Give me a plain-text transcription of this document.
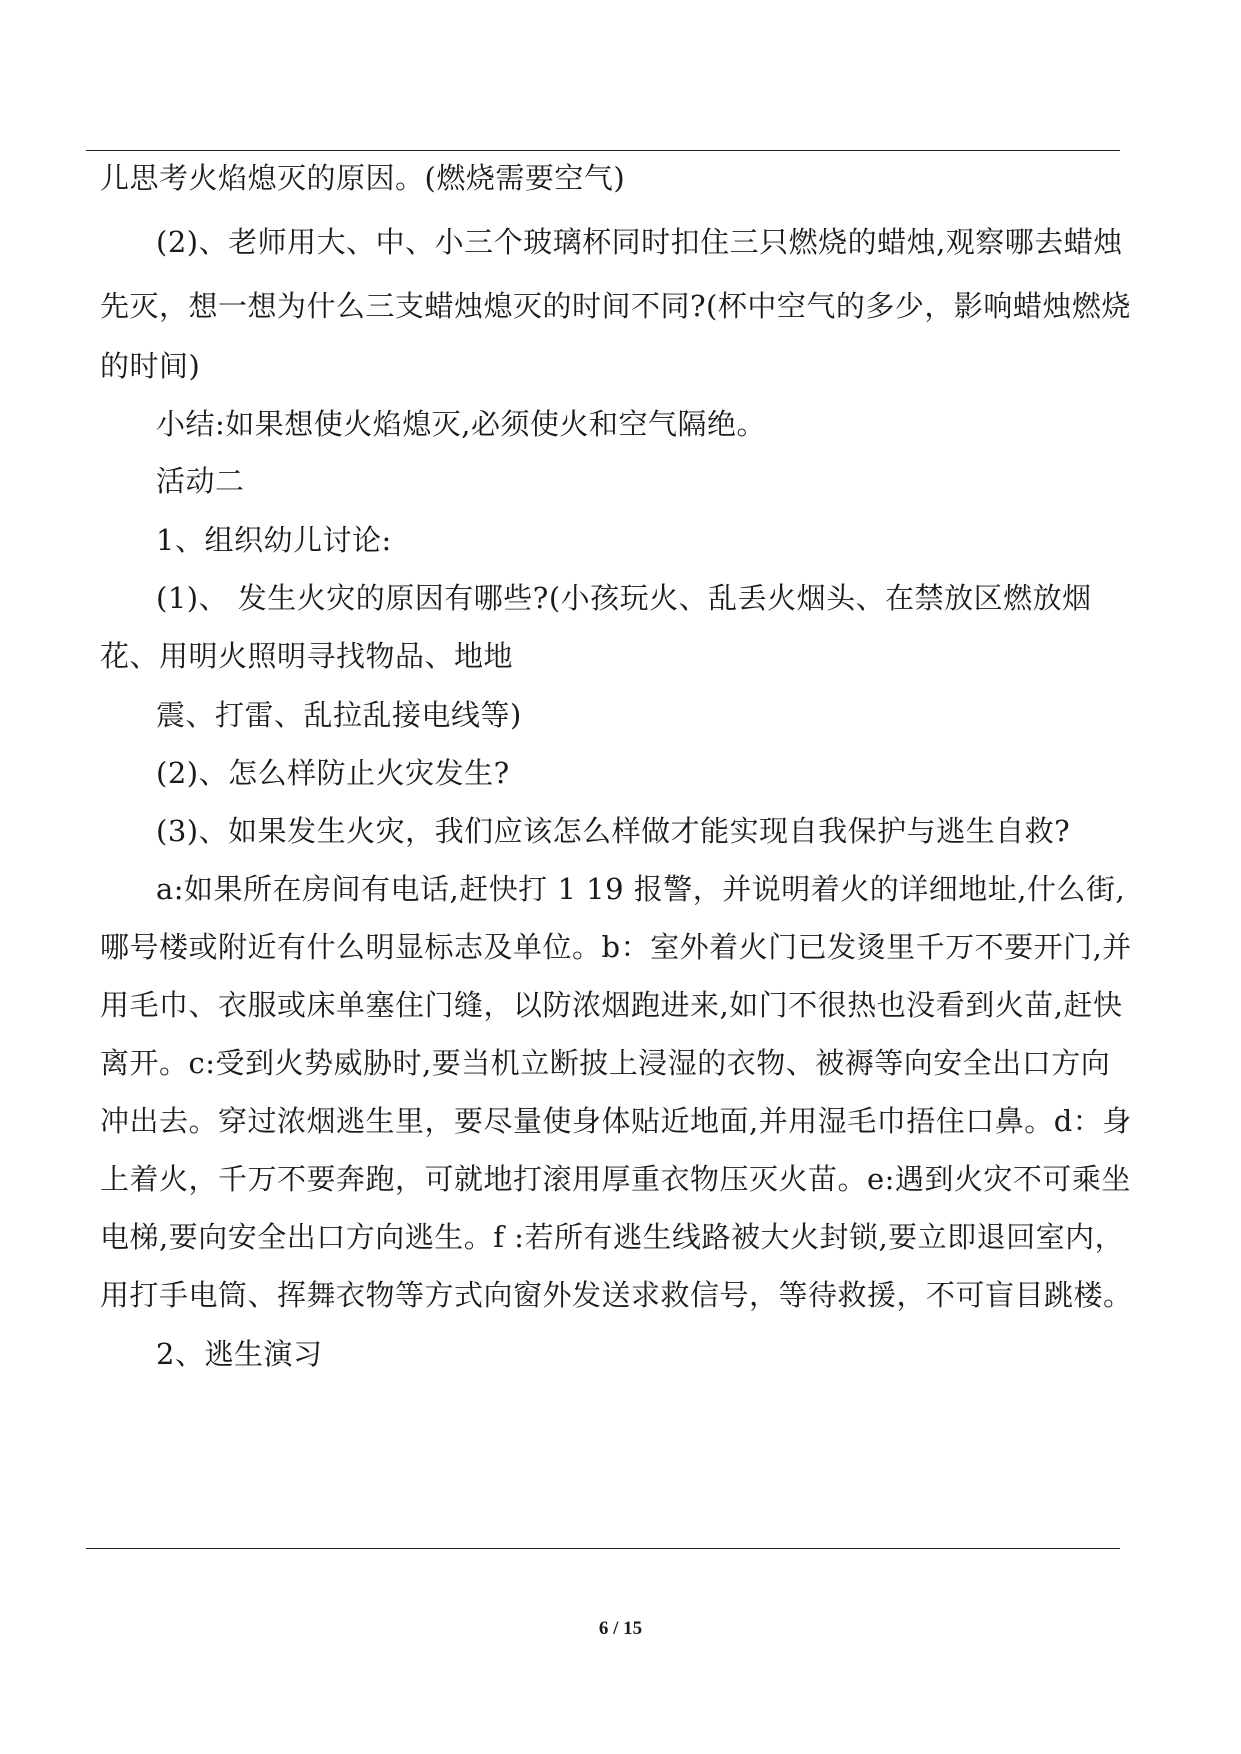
儿思考火焰熄灭的原因。(燃烧需要空气)
(2)、老师用大、中、小三个玻璃杯同时扣住三只燃烧的蜡烛,观察哪去蜡烛
先灭，想一想为什么三支蜡烛熄灭的时间不同?(杯中空气的多少，影响蜡烛燃烧
的时间)
小结:如果想使火焰熄灭,必须使火和空气隔绝。
活动二
1、组织幼儿讨论:
(1)、 发生火灾的原因有哪些?(小孩玩火、乱丢火烟头、在禁放区燃放烟
花、用明火照明寻找物品、地地
震、打雷、乱拉乱接电线等)
(2)、怎么样防止火灾发生?
(3)、如果发生火灾，我们应该怎么样做才能实现自我保护与逃生自救?
a:如果所在房间有电话,赶快打 1 19 报警，并说明着火的详细地址,什么街,
哪号楼或附近有什么明显标志及单位。b：室外着火门已发烫里千万不要开门,并
用毛巾、衣服或床单塞住门缝，以防浓烟跑进来,如门不很热也没看到火苗,赶快
离开。c:受到火势威胁时,要当机立断披上浸湿的衣物、被褥等向安全出口方向
冲出去。穿过浓烟逃生里，要尽量使身体贴近地面,并用湿毛巾捂住口鼻。d：身
上着火，千万不要奔跑，可就地打滚用厚重衣物压灭火苗。e:遇到火灾不可乘坐
电梯,要向安全出口方向逃生。f :若所有逃生线路被大火封锁,要立即退回室内，
用打手电筒、挥舞衣物等方式向窗外发送求救信号，等待救援，不可盲目跳楼。
2、逃生演习
6 / 15
